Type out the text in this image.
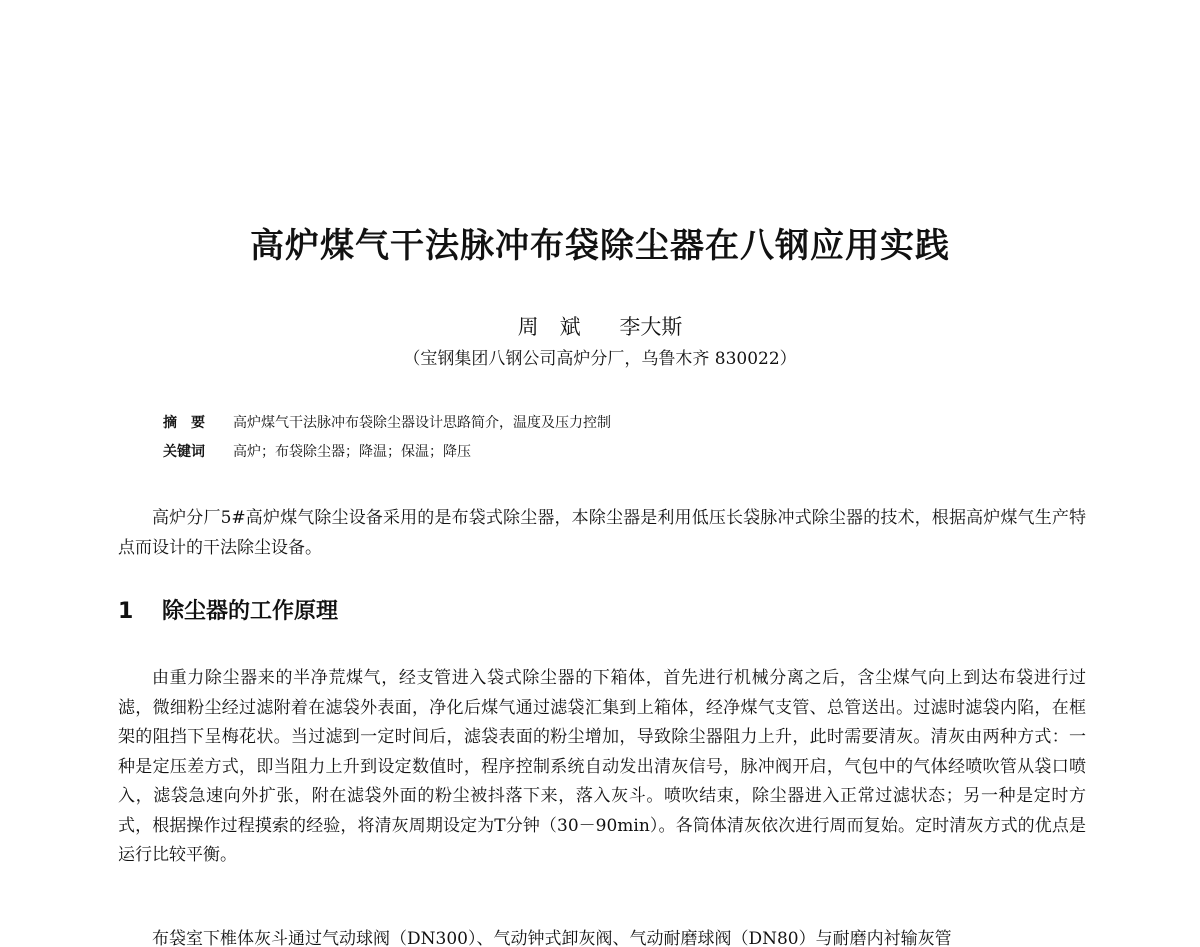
高炉煤气干法脉冲布袋除尘器在八钢应用实践
周　斌 李大斯
（宝钢集团八钢公司高炉分厂，乌鲁木齐 830022）
摘　要 高炉煤气干法脉冲布袋除尘器设计思路简介，温度及压力控制
关键词 高炉；布袋除尘器；降温；保温；降压

高炉分厂5#高炉煤气除尘设备采用的是布袋式除尘器，本除尘器是利用低压长袋脉冲式除尘器的技术，根据高炉煤气生产特点而设计的干法除尘设备。

1 除尘器的工作原理

由重力除尘器来的半净荒煤气，经支管进入袋式除尘器的下箱体，首先进行机械分离之后，含尘煤气向上到达布袋进行过滤，微细粉尘经过滤附着在滤袋外表面，净化后煤气通过滤袋汇集到上箱体，经净煤气支管、总管送出。过滤时滤袋内陷，在框架的阻挡下呈梅花状。当过滤到一定时间后，滤袋表面的粉尘增加，导致除尘器阻力上升，此时需要清灰。清灰由两种方式：一种是定压差方式，即当阻力上升到设定数值时，程序控制系统自动发出清灰信号，脉冲阀开启，气包中的气体经喷吹管从袋口喷入，滤袋急速向外扩张，附在滤袋外面的粉尘被抖落下来，落入灰斗。喷吹结束，除尘器进入正常过滤状态；另一种是定时方式，根据操作过程摸索的经验，将清灰周期设定为T分钟（30－90min）。各筒体清灰依次进行周而复始。定时清灰方式的优点是运行比较平衡。

布袋室下椎体灰斗通过气动球阀（DN300）、气动钟式卸灰阀、气动耐磨球阀（DN80）与耐磨内衬输灰管
